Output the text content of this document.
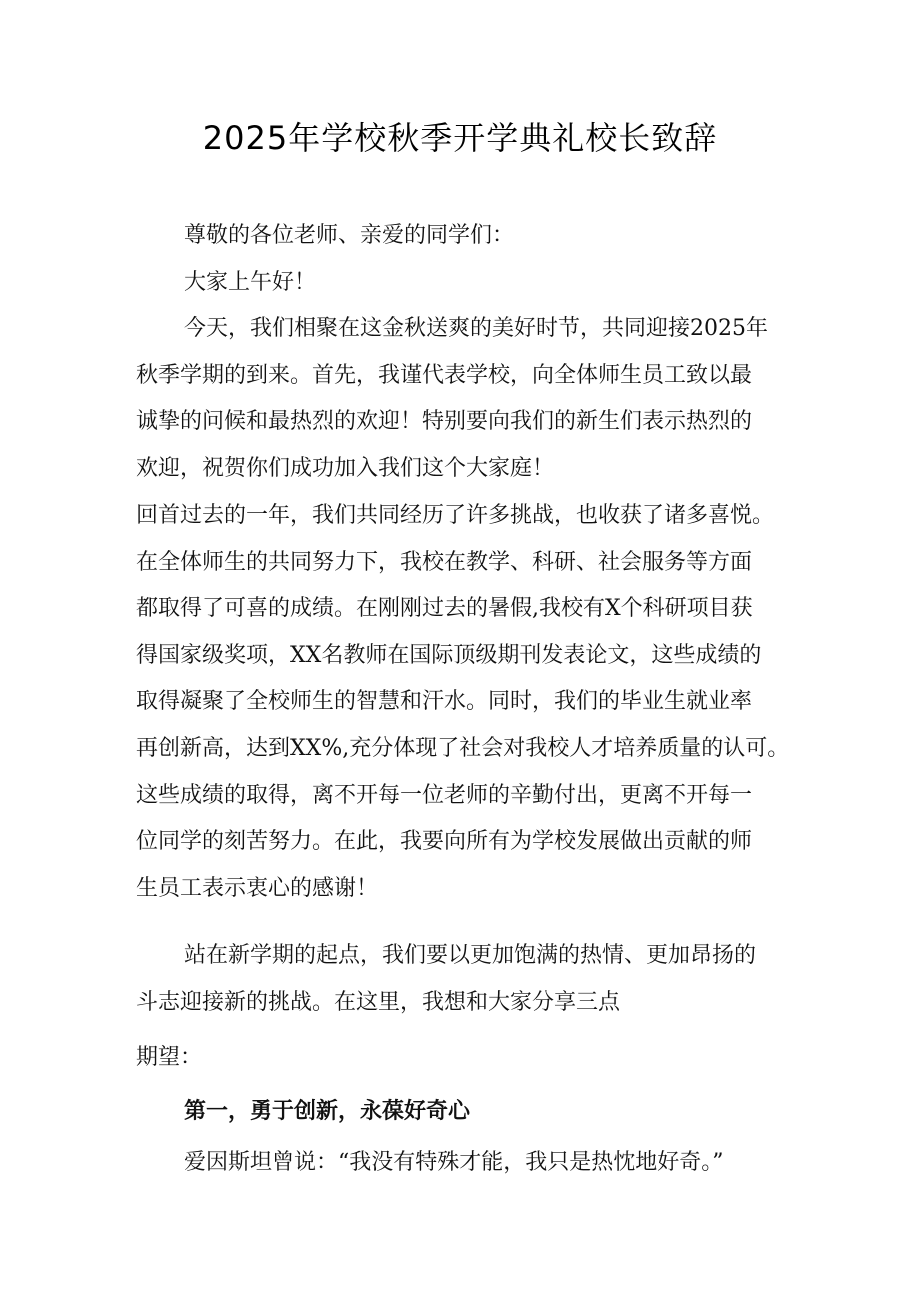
2025年学校秋季开学典礼校长致辞
尊敬的各位老师、亲爱的同学们：
大家上午好！
今天，我们相聚在这金秋送爽的美好时节，共同迎接2025年
秋季学期的到来。首先，我谨代表学校，向全体师生员工致以最
诚挚的问候和最热烈的欢迎！特别要向我们的新生们表示热烈的
欢迎，祝贺你们成功加入我们这个大家庭！
回首过去的一年，我们共同经历了许多挑战，也收获了诸多喜悦。
在全体师生的共同努力下，我校在教学、科研、社会服务等方面
都取得了可喜的成绩。在刚刚过去的暑假,我校有X个科研项目获
得国家级奖项，XX名教师在国际顶级期刊发表论文，这些成绩的
取得凝聚了全校师生的智慧和汗水。同时，我们的毕业生就业率
再创新高，达到XX%,充分体现了社会对我校人才培养质量的认可。
这些成绩的取得，离不开每一位老师的辛勤付出，更离不开每一
位同学的刻苦努力。在此，我要向所有为学校发展做出贡献的师
生员工表示衷心的感谢！
站在新学期的起点，我们要以更加饱满的热情、更加昂扬的
斗志迎接新的挑战。在这里，我想和大家分享三点
期望：
第一，勇于创新，永葆好奇心
爱因斯坦曾说：“我没有特殊才能，我只是热忱地好奇。”
